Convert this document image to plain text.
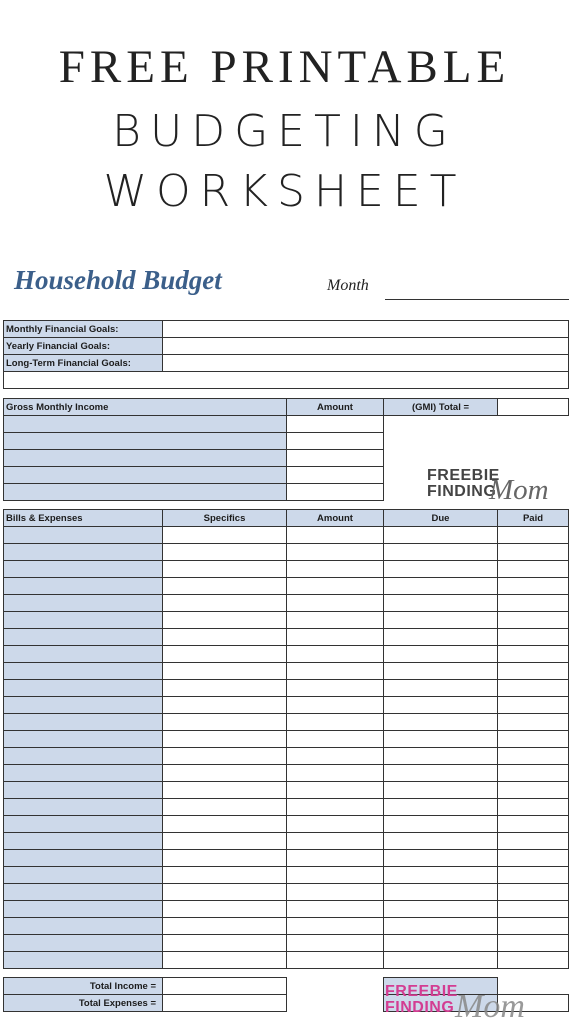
FREE PRINTABLE
BUDGETING
WORKSHEET
Household Budget	Month
Monthly Financial Goals:	
Yearly Financial Goals:	
Long-Term Financial Goals:	

Gross Monthly Income	Amount	(GMI) Total =	

FREEBIE
FINDING
Mom
Bills & Expenses	Specifics	Amount	Due	Paid

Total Income =				
Total Expenses =				
FREEBIE
FINDING Mom
